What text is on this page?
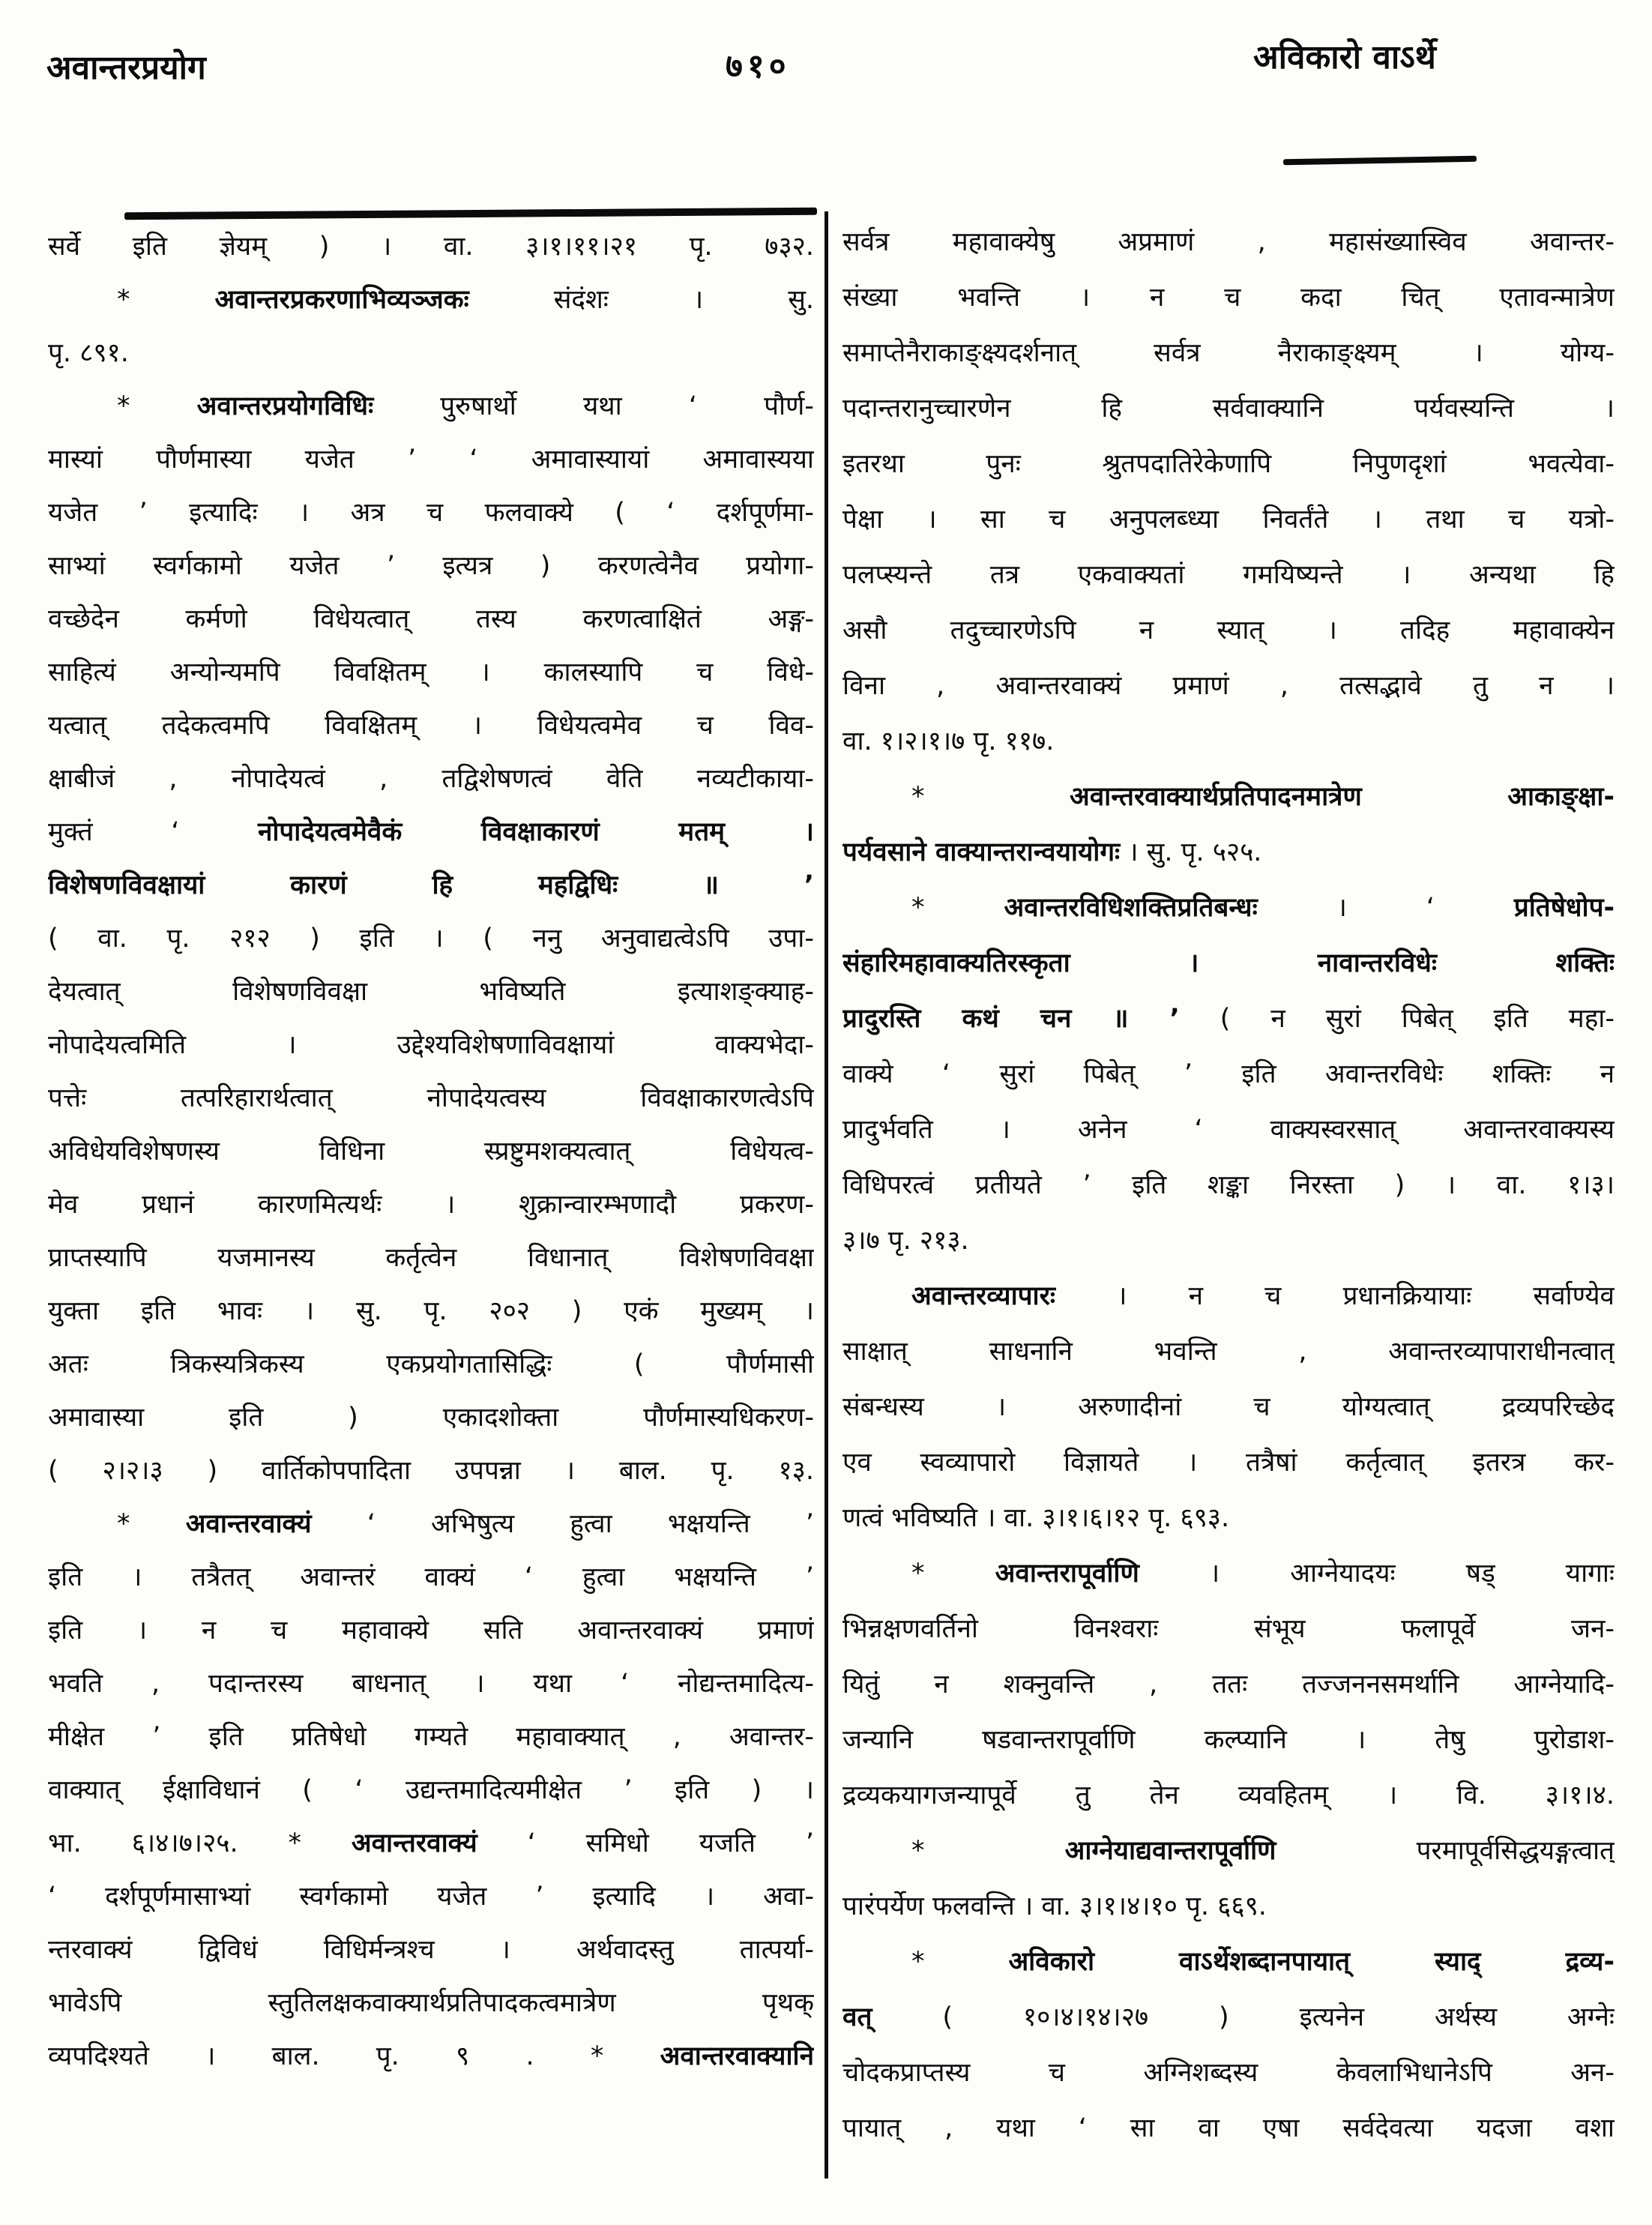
अवान्तरप्रयोग	७१०	अविकारो वाऽर्थे
सर्वे इति ज्ञेयम् ) । वा. ३।१।११।२१ पृ. ७३२.
* अवान्तरप्रकरणाभिव्यञ्जकः संदंशः । सु.
पृ. ८९१.
* अवान्तरप्रयोगविधिः पुरुषार्थो यथा ‘ पौर्ण-
मास्यां पौर्णमास्या यजेत ’ ‘ अमावास्यायां अमावास्यया
यजेत ’ इत्यादिः । अत्र च फलवाक्ये ( ‘ दर्शपूर्णमा-
साभ्यां स्वर्गकामो यजेत ’ इत्यत्र ) करणत्वेनैव प्रयोगा-
वच्छेदेन कर्मणो विधेयत्वात् तस्य करणत्वाक्षितं अङ्ग-
साहित्यं अन्योन्यमपि विवक्षितम् । कालस्यापि च विधे-
यत्वात् तदेकत्वमपि विवक्षितम् । विधेयत्वमेव च विव-
क्षाबीजं , नोपादेयत्वं , तद्विशेषणत्वं वेति नव्यटीकाया-
मुक्तं ‘ नोपादेयत्वमेवैकं विवक्षाकारणं मतम् ।
विशेषणविवक्षायां कारणं हि महद्विधिः ॥ ’
( वा. पृ. २१२ ) इति । ( ननु अनुवाद्यत्वेऽपि उपा-
देयत्वात् विशेषणविवक्षा भविष्यति इत्याशङ्क्याह-
नोपादेयत्वमिति । उद्देश्यविशेषणाविवक्षायां वाक्यभेदा-
पत्तेः तत्परिहारार्थत्वात् नोपादेयत्वस्य विवक्षाकारणत्वेऽपि
अविधेयविशेषणस्य विधिना स्प्रष्टुमशक्यत्वात् विधेयत्व-
मेव प्रधानं कारणमित्यर्थः । शुक्रान्वारम्भणादौ प्रकरण-
प्राप्तस्यापि यजमानस्य कर्तृत्वेन विधानात् विशेषणविवक्षा
युक्ता इति भावः । सु. पृ. २०२ ) एकं मुख्यम् ।
अतः त्रिकस्यत्रिकस्य एकप्रयोगतासिद्धिः ( पौर्णमासी
अमावास्या इति ) एकादशोक्ता पौर्णमास्यधिकरण-
( २।२।३ ) वार्तिकोपपादिता उपपन्ना । बाल. पृ. १३.
* अवान्तरवाक्यं ‘ अभिषुत्य हुत्वा भक्षयन्ति ’
इति । तत्रैतत् अवान्तरं वाक्यं ‘ हुत्वा भक्षयन्ति ’
इति । न च महावाक्ये सति अवान्तरवाक्यं प्रमाणं
भवति , पदान्तरस्य बाधनात् । यथा ‘ नोद्यन्तमादित्य-
मीक्षेत ’ इति प्रतिषेधो गम्यते महावाक्यात् , अवान्तर-
वाक्यात् ईक्षाविधानं ( ‘ उद्यन्तमादित्यमीक्षेत ’ इति ) ।
भा. ६।४।७।२५. * अवान्तरवाक्यं ‘ समिधो यजति ’
‘ दर्शपूर्णमासाभ्यां स्वर्गकामो यजेत ’ इत्यादि । अवा-
न्तरवाक्यं द्विविधं विधिर्मन्त्रश्च । अर्थवादस्तु तात्पर्या-
भावेऽपि स्तुतिलक्षकवाक्यार्थप्रतिपादकत्वमात्रेण पृथक्
व्यपदिश्यते । बाल. पृ. ९ . * अवान्तरवाक्यानि
सर्वत्र महावाक्येषु अप्रमाणं , महासंख्यास्विव अवान्तर-
संख्या भवन्ति । न च कदा चित् एतावन्मात्रेण
समाप्तेनैराकाङ्क्ष्यदर्शनात् सर्वत्र नैराकाङ्क्ष्यम् । योग्य-
पदान्तरानुच्चारणेन हि सर्ववाक्यानि पर्यवस्यन्ति ।
इतरथा पुनः श्रुतपदातिरेकेणापि निपुणदृशां भवत्येवा-
पेक्षा । सा च अनुपलब्ध्या निवर्तंते । तथा च यत्रो-
पलप्स्यन्ते तत्र एकवाक्यतां गमयिष्यन्ते । अन्यथा हि
असौ तदुच्चारणेऽपि न स्यात् । तदिह महावाक्येन
विना , अवान्तरवाक्यं प्रमाणं , तत्सद्भावे तु न ।
वा. १।२।१।७ पृ. ११७.
* अवान्तरवाक्यार्थप्रतिपादनमात्रेण आकाङ्क्षा-
पर्यवसाने वाक्यान्तरान्वयायोगः । सु. पृ. ५२५.
* अवान्तरविधिशक्तिप्रतिबन्धः । ‘ प्रतिषेधोप-
संहारिमहावाक्यतिरस्कृता । नावान्तरविधेः शक्तिः
प्रादुरस्ति कथं चन ॥ ’ ( न सुरां पिबेत् इति महा-
वाक्ये ‘ सुरां पिबेत् ’ इति अवान्तरविधेः शक्तिः न
प्रादुर्भवति । अनेन ‘ वाक्यस्वरसात् अवान्तरवाक्यस्य
विधिपरत्वं प्रतीयते ’ इति शङ्का निरस्ता ) । वा. १।३।
३।७ पृ. २१३.
अवान्तरव्यापारः । न च प्रधानक्रियायाः सर्वाण्येव
साक्षात् साधनानि भवन्ति , अवान्तरव्यापाराधीनत्वात्
संबन्धस्य । अरुणादीनां च योग्यत्वात् द्रव्यपरिच्छेद
एव स्वव्यापारो विज्ञायते । तत्रैषां कर्तृत्वात् इतरत्र कर-
णत्वं भविष्यति । वा. ३।१।६।१२ पृ. ६९३.
* अवान्तरापूर्वाणि । आग्नेयादयः षड् यागाः
भिन्नक्षणवर्तिनो विनश्वराः संभूय फलापूर्वे जन-
यितुं न शक्नुवन्ति , ततः तज्जननसमर्थानि आग्नेयादि-
जन्यानि षडवान्तरापूर्वाणि कल्प्यानि । तेषु पुरोडाश-
द्रव्यकयागजन्यापूर्वे तु तेन व्यवहितम् । वि. ३।१।४.
* आग्नेयाद्यवान्तरापूर्वाणि परमापूर्वसिद्धयङ्गत्वात्
पारंपर्येण फलवन्ति । वा. ३।१।४।१० पृ. ६६९.
* अविकारो वाऽर्थेशब्दानपायात् स्याद् द्रव्य-
वत् ( १०।४।१४।२७ ) इत्यनेन अर्थस्य अग्नेः
चोदकप्राप्तस्य च अग्निशब्दस्य केवलाभिधानेऽपि अन-
पायात् , यथा ‘ सा वा एषा सर्वदेवत्या यदजा वशा
